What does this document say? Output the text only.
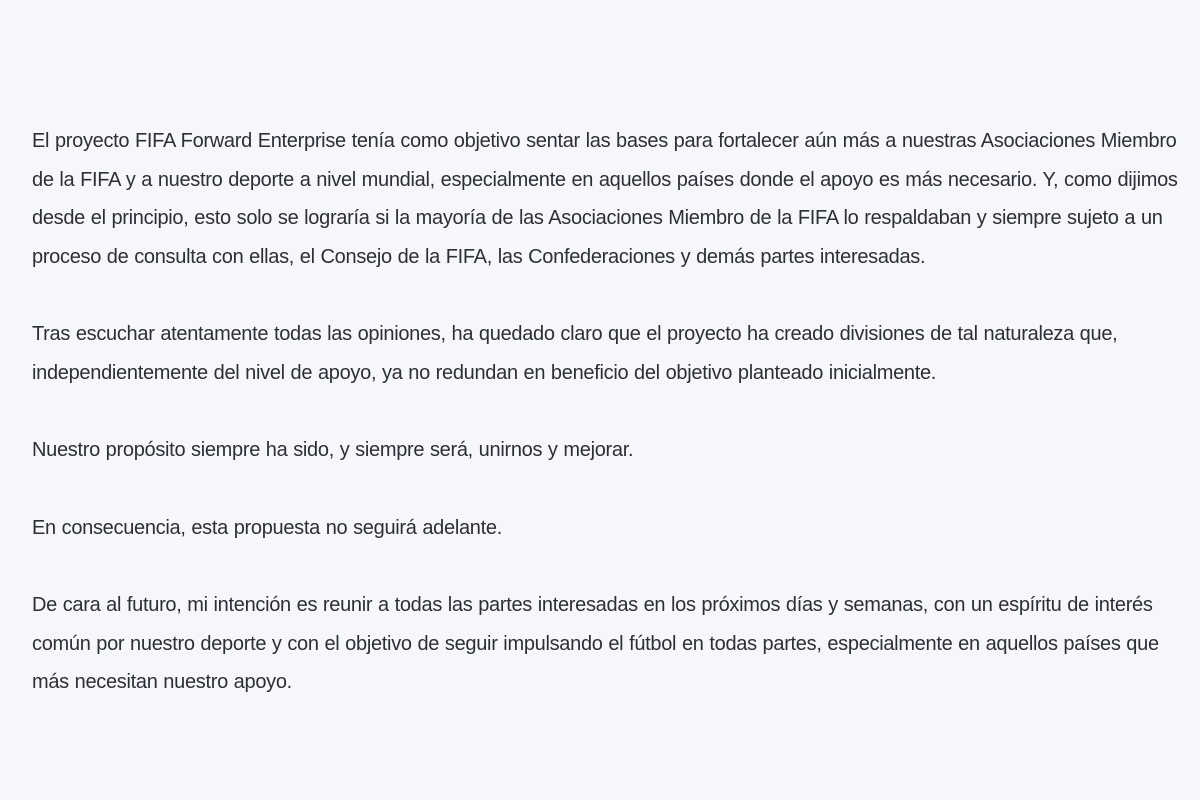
El proyecto FIFA Forward Enterprise tenía como objetivo sentar las bases para fortalecer aún más a nuestras Asociaciones Miembro de la FIFA y a nuestro deporte a nivel mundial, especialmente en aquellos países donde el apoyo es más necesario. Y, como dijimos desde el principio, esto solo se lograría si la mayoría de las Asociaciones Miembro de la FIFA lo respaldaban y siempre sujeto a un proceso de consulta con ellas, el Consejo de la FIFA, las Confederaciones y demás partes interesadas.

Tras escuchar atentamente todas las opiniones, ha quedado claro que el proyecto ha creado divisiones de tal naturaleza que, independientemente del nivel de apoyo, ya no redundan en beneficio del objetivo planteado inicialmente.

Nuestro propósito siempre ha sido, y siempre será, unirnos y mejorar.

En consecuencia, esta propuesta no seguirá adelante.

De cara al futuro, mi intención es reunir a todas las partes interesadas en los próximos días y semanas, con un espíritu de interés común por nuestro deporte y con el objetivo de seguir impulsando el fútbol en todas partes, especialmente en aquellos países que más necesitan nuestro apoyo.
